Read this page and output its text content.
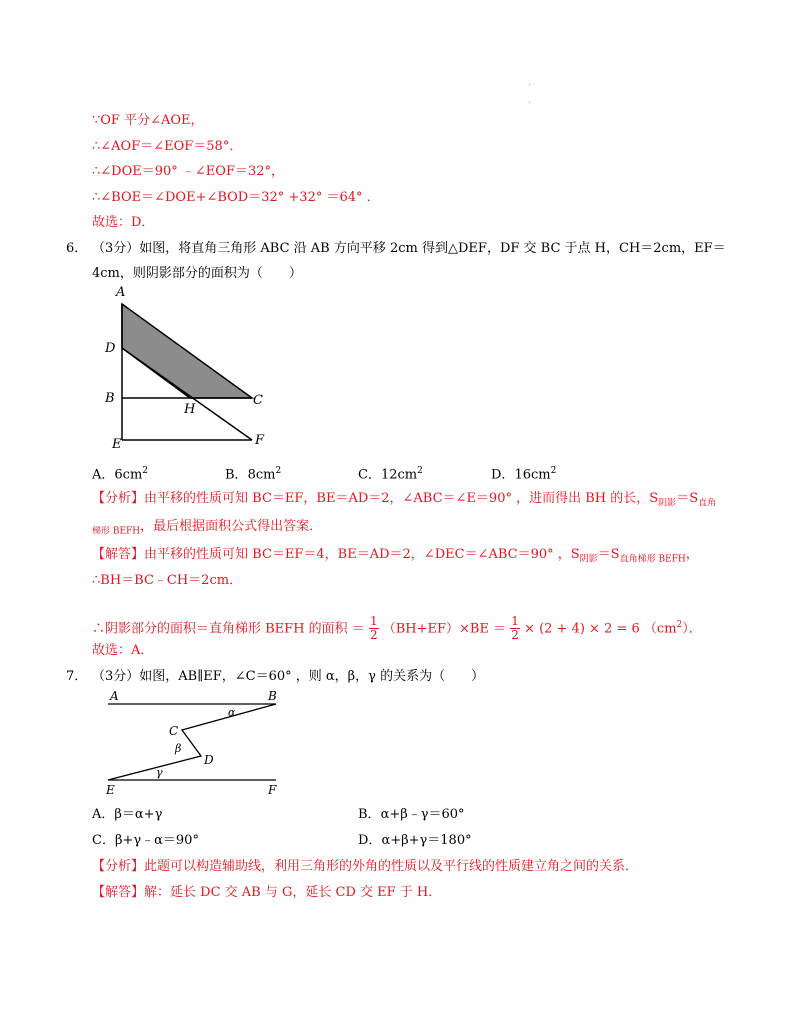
.
.
∵OF 平分∠AOE，
∴∠AOF＝∠EOF＝58°．
∴∠DOE＝90° ﹣∠EOF＝32°，
∴∠BOE＝∠DOE+∠BOD＝32° +32° ＝64° ．
故选：D．
6． （3分）如图，将直角三角形 ABC 沿 AB 方向平移 2cm 得到△DEF，DF 交 BC 于点 H，CH＝2cm，EF＝
4cm，则阴影部分的面积为（　　）
A
D
B
E
C
H
F
A．$6cm^2$	B．$8cm^2$	C．$12cm^2$	D．$16cm^2$
【分析】由平移的性质可知 BC＝EF，BE＝AD＝2，∠ABC＝∠E＝90° ，进而得出 BH 的长，$S_{阴影}=S_{直角}$
$_{梯形 BEFH}$，最后根据面积公式得出答案．
【解答】由平移的性质可知 BC＝EF＝4，BE＝AD＝2，∠DEC＝∠ABC＝90° ，$S_{阴影}=S_{直角梯形 BEFH}$，
∴BH＝BC﹣CH＝2cm．
∴阴影部分的面积＝直角梯形 BEFH 的面积 ＝ $\frac{1}{2} (BH+EF)\times BE = \frac{1}{2} \times (2 + 4) \times 2 = 6$ $(cm^2)$．
故选：A．
7． （3分）如图，AB∥EF，∠C＝60° ，则 α，β，γ 的关系为（　　）
A	B
C
D
E	F
α
β
γ
A．β＝α+γ	B．α+β﹣γ＝60°
C．β+γ﹣α＝90°	D．α+β+γ＝180°
【分析】此题可以构造辅助线，利用三角形的外角的性质以及平行线的性质建立角之间的关系．
【解答】解：延长 DC 交 AB 与 G，延长 CD 交 EF 于 H．
